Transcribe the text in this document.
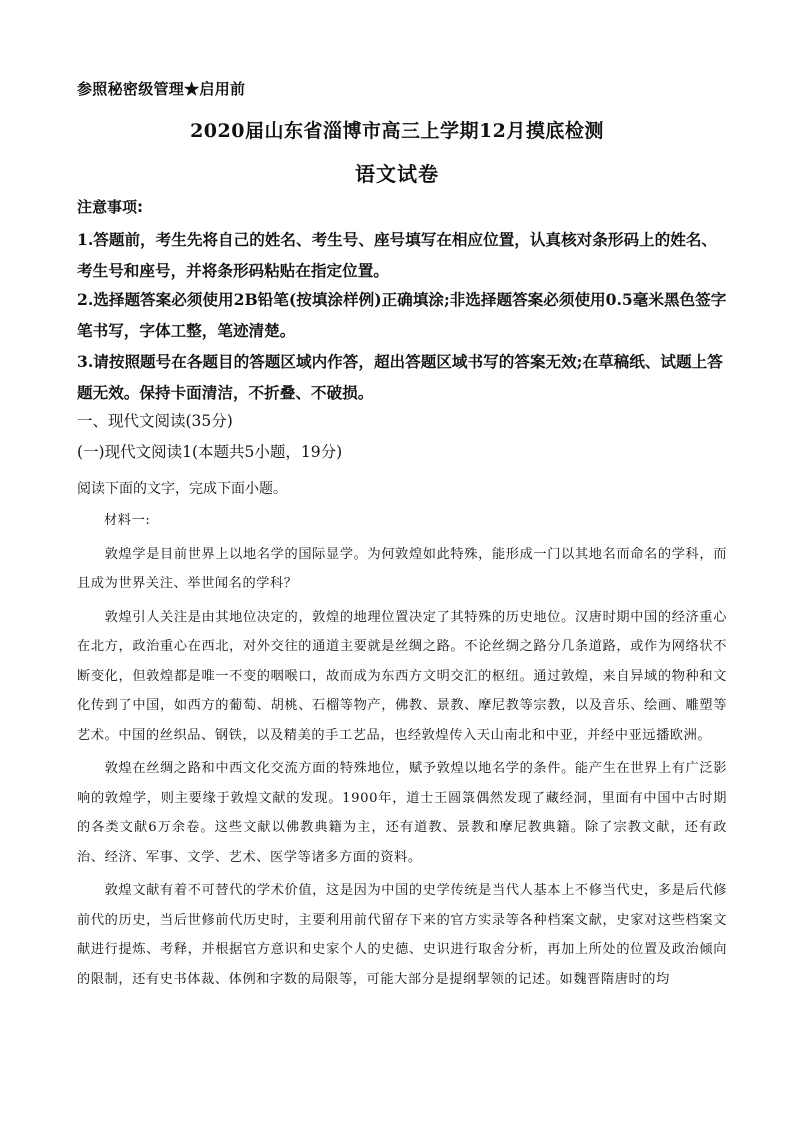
参照秘密级管理★启用前
2020届山东省淄博市高三上学期12月摸底检测
语文试卷
注意事项:
1.答题前，考生先将自己的姓名、考生号、座号填写在相应位置，认真核对条形码上的姓名、考生号和座号，并将条形码粘贴在指定位置。
2.选择题答案必须使用2B铅笔(按填涂样例)正确填涂;非选择题答案必须使用0.5毫米黑色签字笔书写，字体工整，笔迹清楚。
3.请按照题号在各题目的答题区域内作答，超出答题区域书写的答案无效;在草稿纸、试题上答题无效。保持卡面清洁，不折叠、不破损。
一、现代文阅读(35分)
(一)现代文阅读1(本题共5小题，19分)
阅读下面的文字，完成下面小题。
材料一:

敦煌学是目前世界上以地名学的国际显学。为何敦煌如此特殊，能形成一门以其地名而命名的学科，而且成为世界关注、举世闻名的学科？

敦煌引人关注是由其地位决定的，敦煌的地理位置决定了其特殊的历史地位。汉唐时期中国的经济重心在北方，政治重心在西北，对外交往的通道主要就是丝绸之路。不论丝绸之路分几条道路，或作为网络状不断变化，但敦煌都是唯一不变的咽喉口，故而成为东西方文明交汇的枢纽。通过敦煌，来自异域的物种和文化传到了中国，如西方的葡萄、胡桃、石榴等物产，佛教、景教、摩尼教等宗教，以及音乐、绘画、雕塑等艺术。中国的丝织品、钢铁，以及精美的手工艺品，也经敦煌传入天山南北和中亚，并经中亚远播欧洲。

敦煌在丝绸之路和中西文化交流方面的特殊地位，赋予敦煌以地名学的条件。能产生在世界上有广泛影响的敦煌学，则主要缘于敦煌文献的发现。1900年，道士王圆箓偶然发现了藏经洞，里面有中国中古时期的各类文献6万余卷。这些文献以佛教典籍为主，还有道教、景教和摩尼教典籍。除了宗教文献，还有政治、经济、军事、文学、艺术、医学等诸多方面的资料。

敦煌文献有着不可替代的学术价值，这是因为中国的史学传统是当代人基本上不修当代史，多是后代修前代的历史，当后世修前代历史时，主要利用前代留存下来的官方实录等各种档案文献，史家对这些档案文献进行提炼、考释，并根据官方意识和史家个人的史德、史识进行取舍分析，再加上所处的位置及政治倾向的限制，还有史书体裁、体例和字数的局限等，可能大部分是提纲挈领的记述。如魏晋隋唐时的均
